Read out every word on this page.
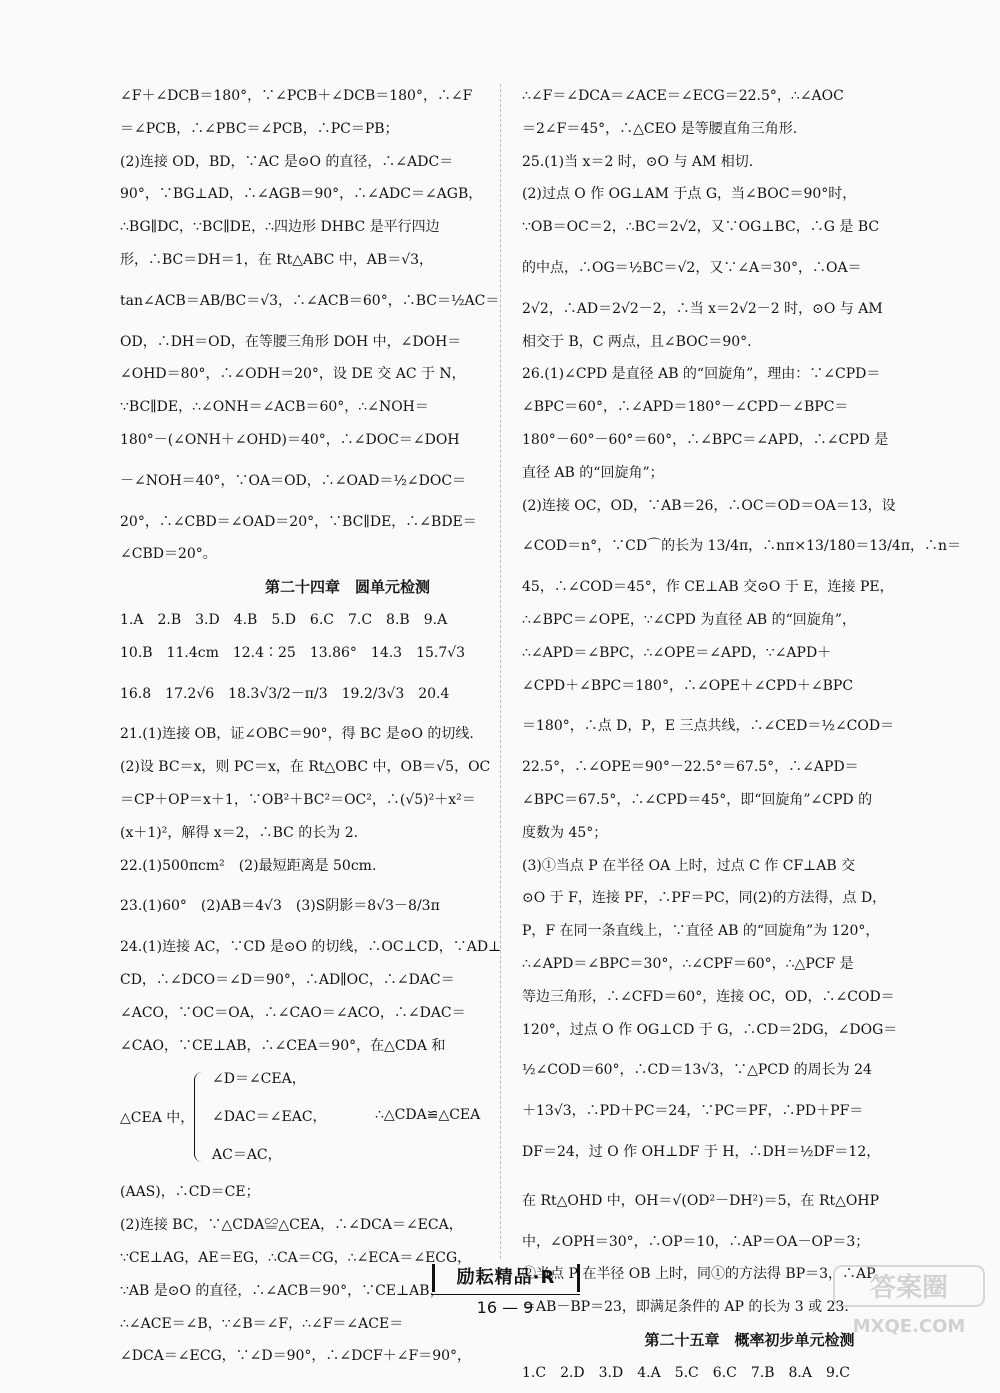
∠F＋∠DCB＝180°，∵∠PCB＋∠DCB＝180°，∴∠F
＝∠PCB，∴∠PBC＝∠PCB，∴PC＝PB；
(2)连接 OD，BD，∵AC 是⊙O 的直径，∴∠ADC＝
90°，∵BG⊥AD，∴∠AGB＝90°，∴∠ADC＝∠AGB，
∴BG∥DC，∵BC∥DE，∴四边形 DHBC 是平行四边
形，∴BC＝DH＝1，在 Rt△ABC 中，AB＝√3，
tan∠ACB＝AB/BC＝√3，∴∠ACB＝60°，∴BC＝½AC＝
OD，∴DH＝OD，在等腰三角形 DOH 中，∠DOH＝
∠OHD＝80°，∴∠ODH＝20°，设 DE 交 AC 于 N，
∵BC∥DE，∴∠ONH＝∠ACB＝60°，∴∠NOH＝
180°－(∠ONH＋∠OHD)＝40°，∴∠DOC＝∠DOH
－∠NOH＝40°，∵OA＝OD，∴∠OAD＝½∠DOC＝
20°，∴∠CBD＝∠OAD＝20°，∵BC∥DE，∴∠BDE＝
∠CBD＝20°。
第二十四章　圆单元检测
1.A　2.B　3.D　4.B　5.D　6.C　7.C　8.B　9.A
10.B　11.4cm　12.4∶25　13.86°　14.3　15.7√3
16.8　17.2√6　18.3√3/2－π/3　19.2/3√3　20.4
21.(1)连接 OB，证∠OBC＝90°，得 BC 是⊙O 的切线.
(2)设 BC＝x，则 PC＝x，在 Rt△OBC 中，OB＝√5，OC
＝CP＋OP＝x＋1，∵OB²＋BC²＝OC²，∴(√5)²＋x²＝
(x＋1)²，解得 x＝2，∴BC 的长为 2.
22.(1)500πcm²　(2)最短距离是 50cm.
23.(1)60°　(2)AB＝4√3　(3)S阴影＝8√3－8/3π
24.(1)连接 AC，∵CD 是⊙O 的切线，∴OC⊥CD，∵AD⊥
CD，∴∠DCO＝∠D＝90°，∴AD∥OC，∴∠DAC＝
∠ACO，∵OC＝OA，∴∠CAO＝∠ACO，∴∠DAC＝
∠CAO，∵CE⊥AB，∴∠CEA＝90°，在△CDA 和
△CEA 中，
∠D＝∠CEA，
∠DAC＝∠EAC，
AC＝AC，
∴△CDA≌△CEA
(AAS)，∴CD＝CE；
(2)连接 BC，∵△CDA≌△CEA，∴∠DCA＝∠ECA，
∵CE⊥AG，AE＝EG，∴CA＝CG，∴∠ECA＝∠ECG，
∵AB 是⊙O 的直径，∴∠ACB＝90°，∵CE⊥AB，
∴∠ACE＝∠B，∵∠B＝∠F，∴∠F＝∠ACE＝
∠DCA＝∠ECG，∵∠D＝90°，∴∠DCF＋∠F＝90°，
∴∠F＝∠DCA＝∠ACE＝∠ECG＝22.5°，∴∠AOC
＝2∠F＝45°，∴△CEO 是等腰直角三角形.
25.(1)当 x＝2 时，⊙O 与 AM 相切.
(2)过点 O 作 OG⊥AM 于点 G，当∠BOC＝90°时，
∵OB＝OC＝2，∴BC＝2√2，又∵OG⊥BC，∴G 是 BC
的中点，∴OG＝½BC＝√2，又∵∠A＝30°，∴OA＝
2√2，∴AD＝2√2－2，∴当 x＝2√2－2 时，⊙O 与 AM
相交于 B，C 两点，且∠BOC＝90°.
26.(1)∠CPD 是直径 AB 的“回旋角”，理由：∵∠CPD＝
∠BPC＝60°，∴∠APD＝180°－∠CPD－∠BPC＝
180°－60°－60°＝60°，∴∠BPC＝∠APD，∴∠CPD 是
直径 AB 的“回旋角”；
(2)连接 OC，OD，∵AB＝26，∴OC＝OD＝OA＝13，设
∠COD＝n°，∵CD⌒的长为 13/4π，∴nπ×13/180＝13/4π，∴n＝
45，∴∠COD＝45°，作 CE⊥AB 交⊙O 于 E，连接 PE，
∴∠BPC＝∠OPE，∵∠CPD 为直径 AB 的“回旋角”，
∴∠APD＝∠BPC，∴∠OPE＝∠APD，∵∠APD＋
∠CPD＋∠BPC＝180°，∴∠OPE＋∠CPD＋∠BPC
＝180°，∴点 D，P，E 三点共线，∴∠CED＝½∠COD＝
22.5°，∴∠OPE＝90°－22.5°＝67.5°，∴∠APD＝
∠BPC＝67.5°，∴∠CPD＝45°，即“回旋角”∠CPD 的
度数为 45°；
(3)①当点 P 在半径 OA 上时，过点 C 作 CF⊥AB 交
⊙O 于 F，连接 PF，∴PF＝PC，同(2)的方法得，点 D，
P，F 在同一条直线上，∵直径 AB 的“回旋角”为 120°，
∴∠APD＝∠BPC＝30°，∴∠CPF＝60°，∴△PCF 是
等边三角形，∴∠CFD＝60°，连接 OC，OD，∴∠COD＝
120°，过点 O 作 OG⊥CD 于 G，∴CD＝2DG，∠DOG＝
½∠COD＝60°，∴CD＝13√3，∵△PCD 的周长为 24
＋13√3，∴PD＋PC＝24，∵PC＝PF，∴PD＋PF＝
DF＝24，过 O 作 OH⊥DF 于 H，∴DH＝½DF＝12，
在 Rt△OHD 中，OH＝√(OD²－DH²)＝5，在 Rt△OHP
中，∠OPH＝30°，∴OP＝10，∴AP＝OA－OP＝3；
②当点 P 在半径 OB 上时，同①的方法得 BP＝3，∴AP
＝AB－BP＝23，即满足条件的 AP 的长为 3 或 23.
第二十五章　概率初步单元检测
1.C　2.D　3.D　4.A　5.C　6.C　7.B　8.A　9.C
励耘精品·R
16 — 9
答案圈
MXQE.COM
